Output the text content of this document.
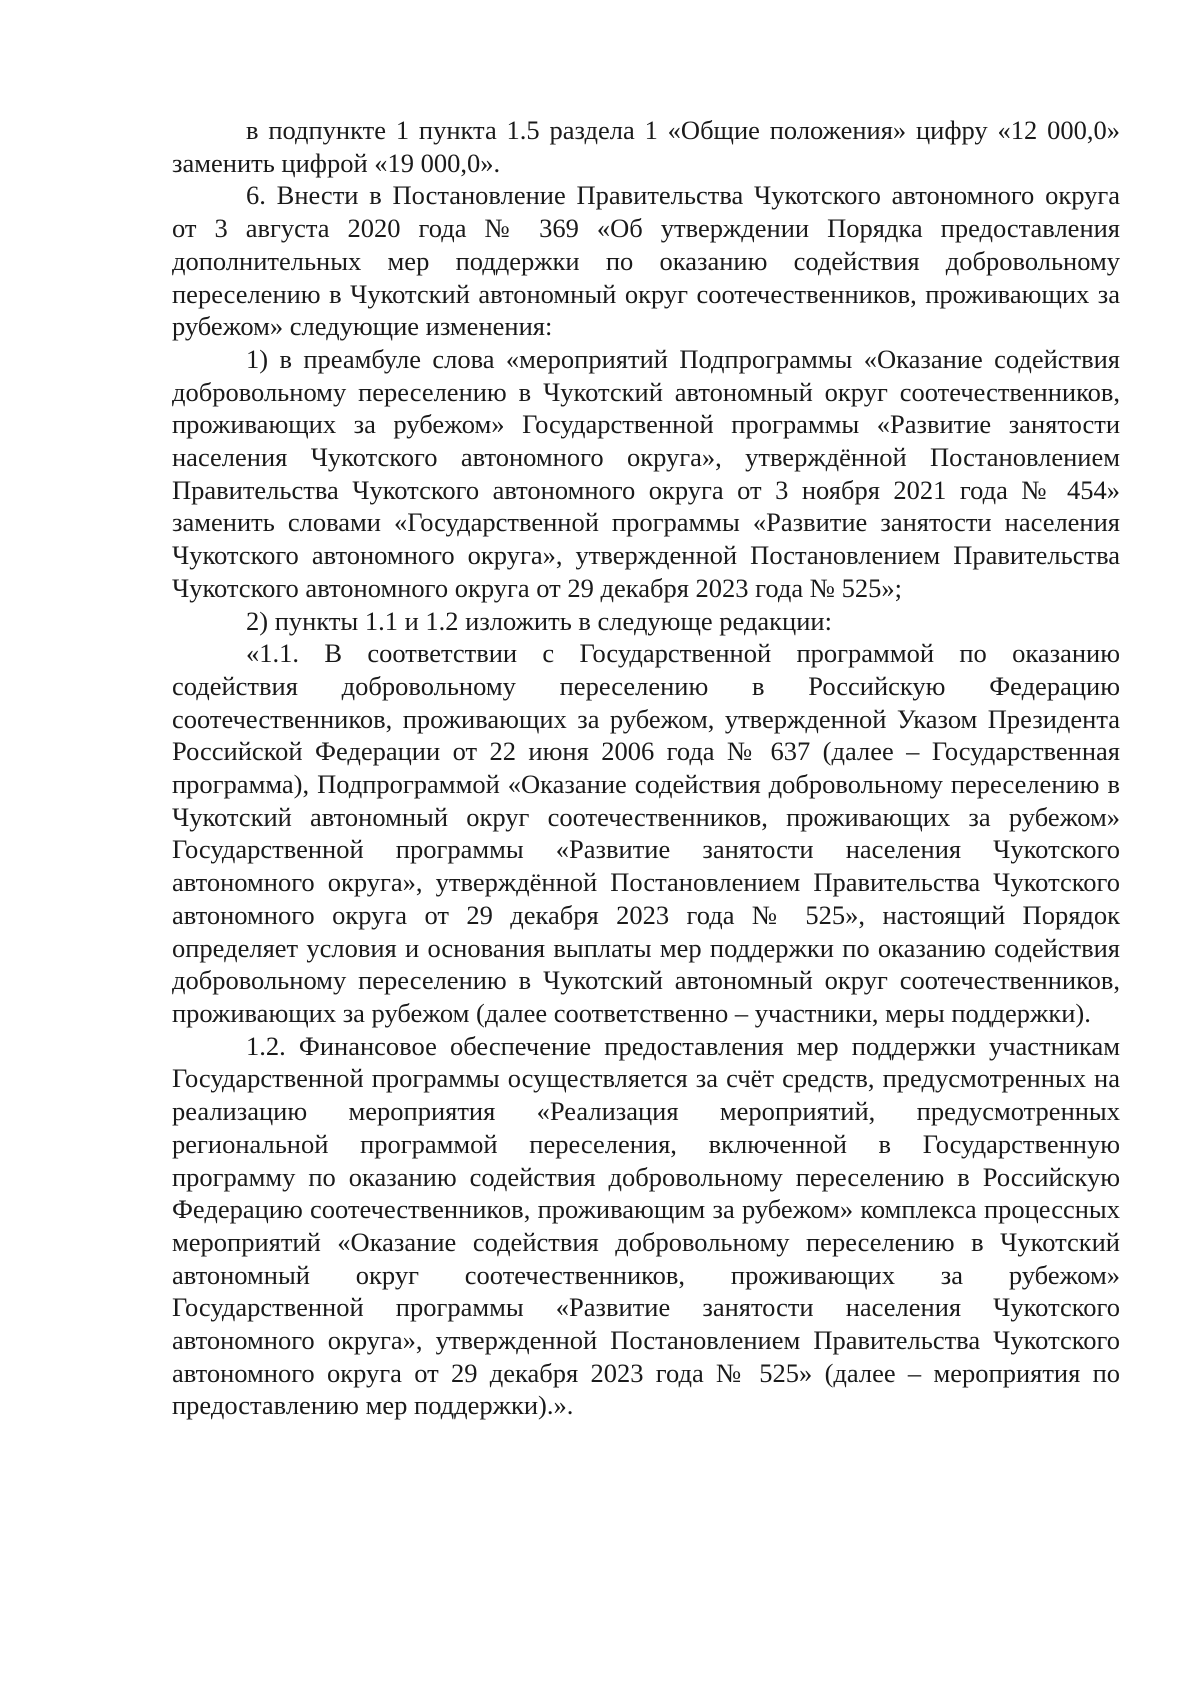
в подпункте 1 пункта 1.5 раздела 1 «Общие положения» цифру «12 000,0» заменить цифрой «19 000,0».

6. Внести в Постановление Правительства Чукотского автономного округа от 3 августа 2020 года № 369 «Об утверждении Порядка предоставления дополнительных мер поддержки по оказанию содействия добровольному переселению в Чукотский автономный округ соотечественников, проживающих за рубежом» следующие изменения:

1) в преамбуле слова «мероприятий Подпрограммы «Оказание содействия добровольному переселению в Чукотский автономный округ соотечественников, проживающих за рубежом» Государственной программы «Развитие занятости населения Чукотского автономного округа», утверждённой Постановлением Правительства Чукотского автономного округа от 3 ноября 2021 года № 454» заменить словами «Государственной программы «Развитие занятости населения Чукотского автономного округа», утвержденной Постановлением Правительства Чукотского автономного округа от 29 декабря 2023 года № 525»;

2) пункты 1.1 и 1.2 изложить в следующе редакции:

«1.1. В соответствии с Государственной программой по оказанию содействия добровольному переселению в Российскую Федерацию соотечественников, проживающих за рубежом, утвержденной Указом Президента Российской Федерации от 22 июня 2006 года № 637 (далее – Государственная программа), Подпрограммой «Оказание содействия добровольному переселению в Чукотский автономный округ соотечественников, проживающих за рубежом» Государственной программы «Развитие занятости населения Чукотского автономного округа», утверждённой Постановлением Правительства Чукотского автономного округа от 29 декабря 2023 года № 525», настоящий Порядок определяет условия и основания выплаты мер поддержки по оказанию содействия добровольному переселению в Чукотский автономный округ соотечественников, проживающих за рубежом (далее соответственно – участники, меры поддержки).

1.2. Финансовое обеспечение предоставления мер поддержки участникам Государственной программы осуществляется за счёт средств, предусмотренных на реализацию мероприятия «Реализация мероприятий, предусмотренных региональной программой переселения, включенной в Государственную программу по оказанию содействия добровольному переселению в Российскую Федерацию соотечественников, проживающим за рубежом» комплекса процессных мероприятий «Оказание содействия добровольному переселению в Чукотский автономный округ соотечественников, проживающих за рубежом» Государственной программы «Развитие занятости населения Чукотского автономного округа», утвержденной Постановлением Правительства Чукотского автономного округа от 29 декабря 2023 года № 525» (далее – мероприятия по предоставлению мер поддержки).».
